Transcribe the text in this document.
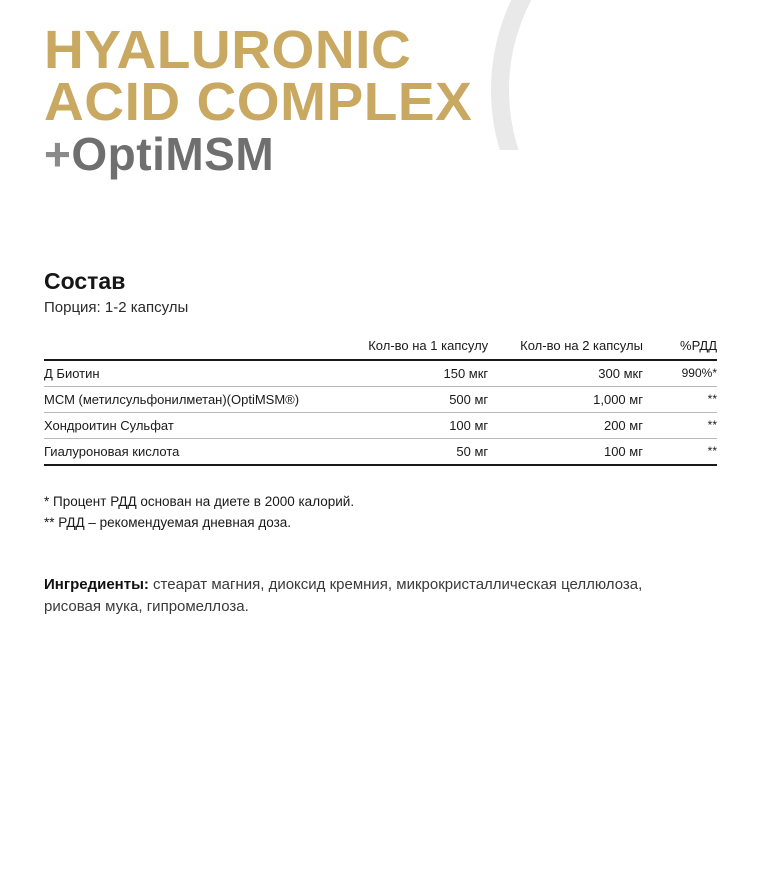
HYALURONIC
ACID COMPLEX
+OptiMSM
Состав

Порция: 1-2 капсулы

	Кол-во на 1 капсулу	Кол-во на 2 капсулы	%РДД
Д Биотин	150 мкг	300 мкг	990%*
МСМ (метилсульфонилметан)(OptiMSM®)	500 мг	1,000 мг	**
Хондроитин Сульфат	100 мг	200 мг	**
Гиалуроновая кислота	50 мг	100 мг	**

* Процент РДД основан на диете в 2000 калорий.

** РДД – рекомендуемая дневная доза.

Ингредиенты: стеарат магния, диоксид кремния, микрокристаллическая целлюлоза, рисовая мука, гипромеллоза.
